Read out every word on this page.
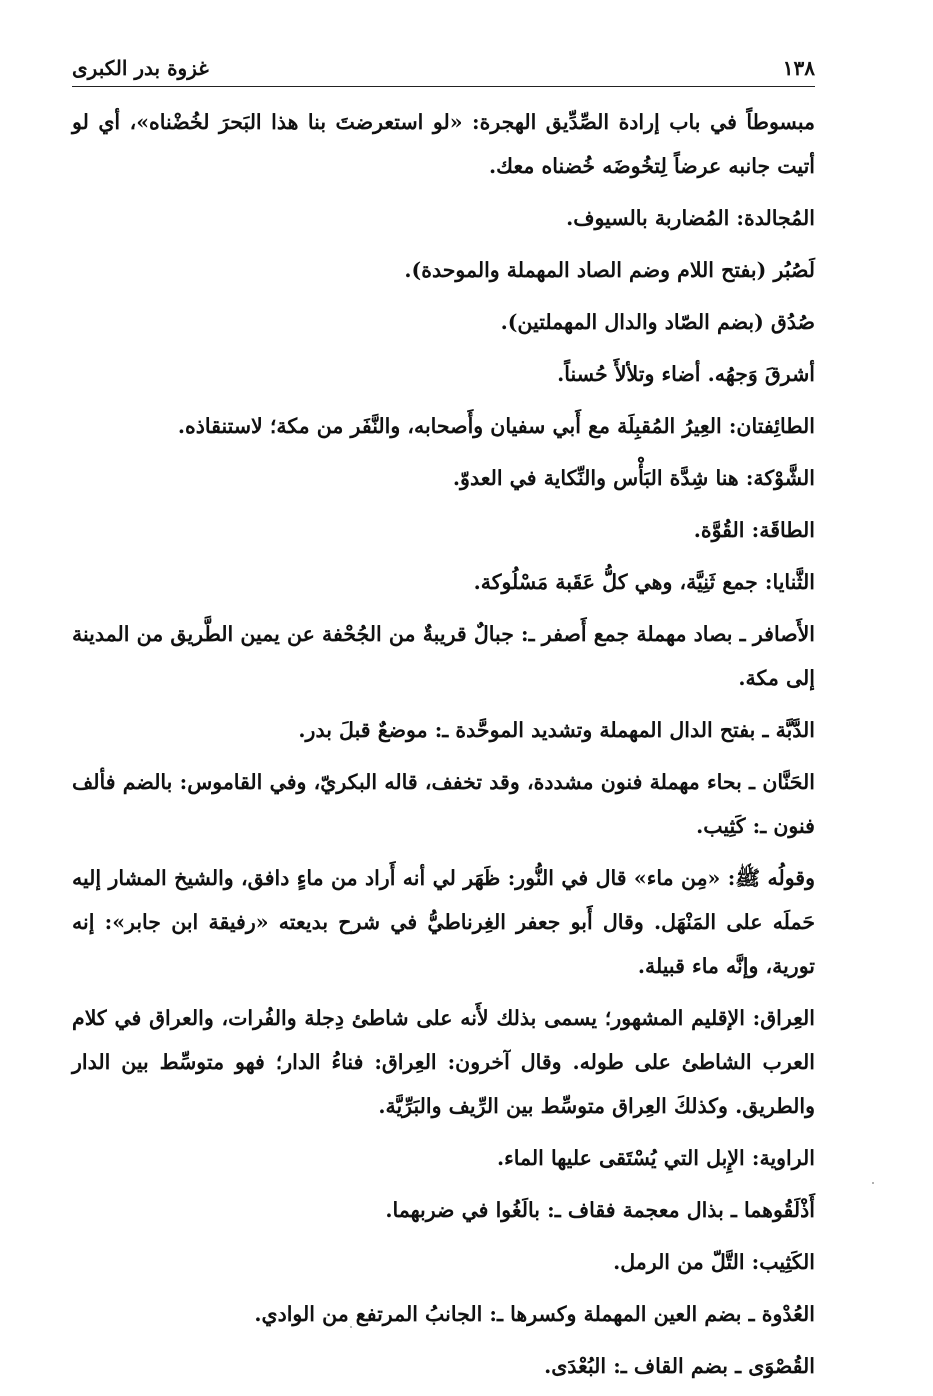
١٣٨
غزوة بدر الكبرى

مبسوطاً في باب إرادة الصِّدِّيق الهجرة: «لو استعرضتَ بنا هذا البَحرَ لخُضْناه»، أي لو أتيت جانبه عرضاً لِتخُوضَه خُضناه معك.

المُجالدة: المُضاربة بالسيوف.

لَصُبُر (بفتح اللام وضم الصاد المهملة والموحدة).

صُدُق (بضم الصّاد والدال المهملتين).

أشرقَ وَجهُه. أضاء وتلألأَ حُسناً.

الطائِفتان: العِيرُ المُقبِلَة مع أَبي سفيان وأَصحابه، والنَّفَر من مكة؛ لاستنقاذه.

الشَّوْكة: هنا شِدَّة البَأْس والنِّكاية في العدوّ.

الطاقَة: القُوَّة.

الثَّنايا: جمع ثَنِيَّة، وهي كلُّ عَقَبة مَسْلُوكة.

الأَصافر ـ بصاد مهملة جمع أَصفر ـ: جبالٌ قريبةٌ من الجُحْفة عن يمين الطَّريق من المدينة إلى مكة.

الدَّبَّة ـ بفتح الدال المهملة وتشديد الموحَّدة ـ: موضعٌ قبلَ بدر.

الحَنَّان ـ بحاء مهملة فنون مشددة، وقد تخفف، قاله البكريّ، وفي القاموس: بالضم فألف فنون ـ: كَثِيب.

وقولُه ﷺ: «مِن ماء» قال في النُّور: ظَهَر لي أنه أَراد من ماءٍ دافق، والشيخ المشار إليه حَملَه على المَنْهَل. وقال أَبو جعفر الغِرناطيُّ في شرح بديعته «رفيقة ابن جابر»: إنه تورية، وإنَّه ماء قبيلة.

العِراق: الإقليم المشهور؛ يسمى بذلك لأَنه على شاطئ دِجلة والفُرات، والعراق في كلام العرب الشاطئ على طوله. وقال آخرون: العِراق: فناءُ الدار؛ فهو متوسِّط بين الدار والطريق. وكذلكَ العِراق متوسِّط بين الرِّيف والبَرِّيَّة.

الراوية: الإِبل التي يُسْتَقى عليها الماء.

أَذْلَقُوهما ـ بذال معجمة فقاف ـ: بالَغُوا في ضربهما.

الكَثِيب: التَّلّ من الرمل.

العُدْوة ـ بضم العين المهملة وكسرها ـ: الجانبُ المرتفع من الوادي.

القُصْوَى ـ بضم القاف ـ: البُعْدَى.
